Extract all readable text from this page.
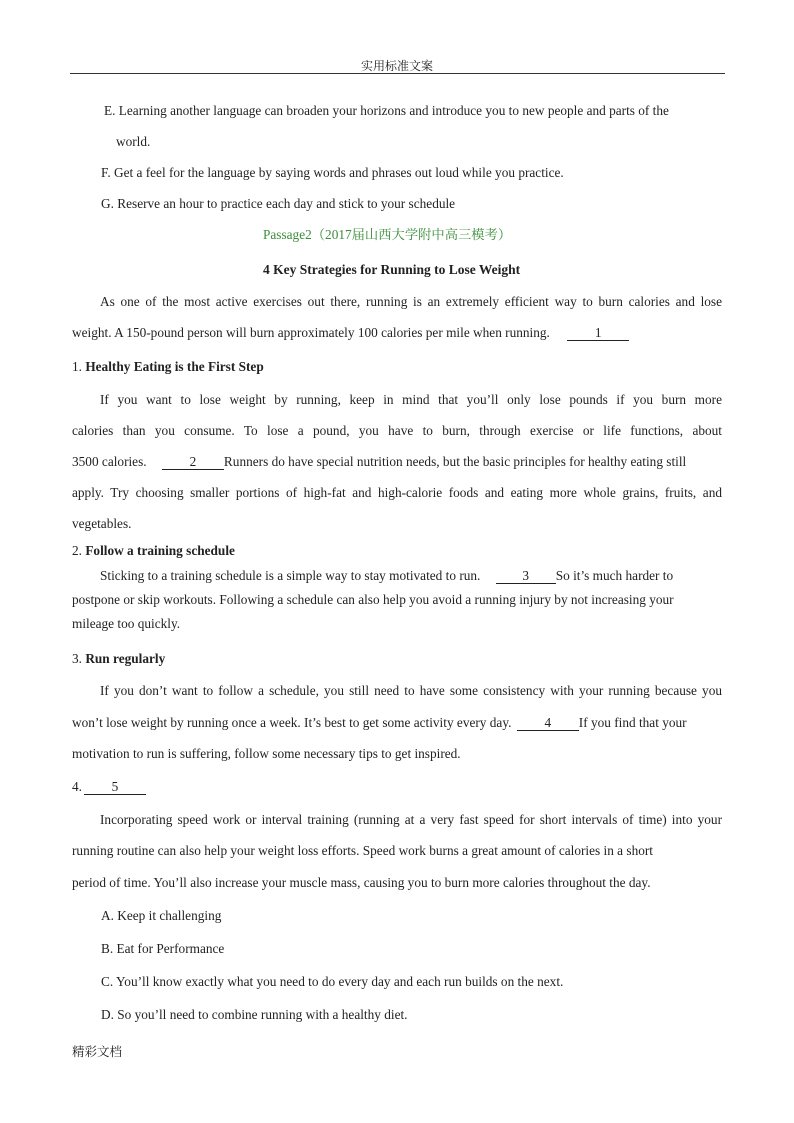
实用标准文案
E. Learning another language can broaden your horizons and introduce you to new people and parts of the
world.
F. Get a feel for the language by saying words and phrases out loud while you practice.
G. Reserve an hour to practice each day and stick to your schedule
Passage2（2017届山西大学附中高三模考）
4 Key Strategies for Running to Lose Weight
As one of the most active exercises out there, running is an extremely efficient way to burn calories and lose
weight. A 150-pound person will burn approximately 100 calories per mile when running.	1
1. Healthy Eating is the First Step
If you want to lose weight by running, keep in mind that you’ll only lose pounds if you burn more
calories than you consume. To lose a pound, you have to burn, through exercise or life functions, about
3500 calories.	2 Runners do have special nutrition needs, but the basic principles for healthy eating still
apply. Try choosing smaller portions of high-fat and high-calorie foods and eating more whole grains, fruits, and
vegetables.
2. Follow a training schedule
Sticking to a training schedule is a simple way to stay motivated to run.	3 So it’s much harder to
postpone or skip workouts. Following a schedule can also help you avoid a running injury by not increasing your
mileage too quickly.
3. Run regularly
If you don’t want to follow a schedule, you still need to have some consistency with your running because you
won’t lose weight by running once a week. It’s best to get some activity every day. 4 If you find that your
motivation to run is suffering, follow some necessary tips to get inspired.
4. 5
Incorporating speed work or interval training (running at a very fast speed for short intervals of time) into your
running routine can also help your weight loss efforts. Speed work burns a great amount of calories in a short
period of time. You’ll also increase your muscle mass, causing you to burn more calories throughout the day.
A. Keep it challenging
B. Eat for Performance
C. You’ll know exactly what you need to do every day and each run builds on the next.
D. So you’ll need to combine running with a healthy diet.
精彩文档
